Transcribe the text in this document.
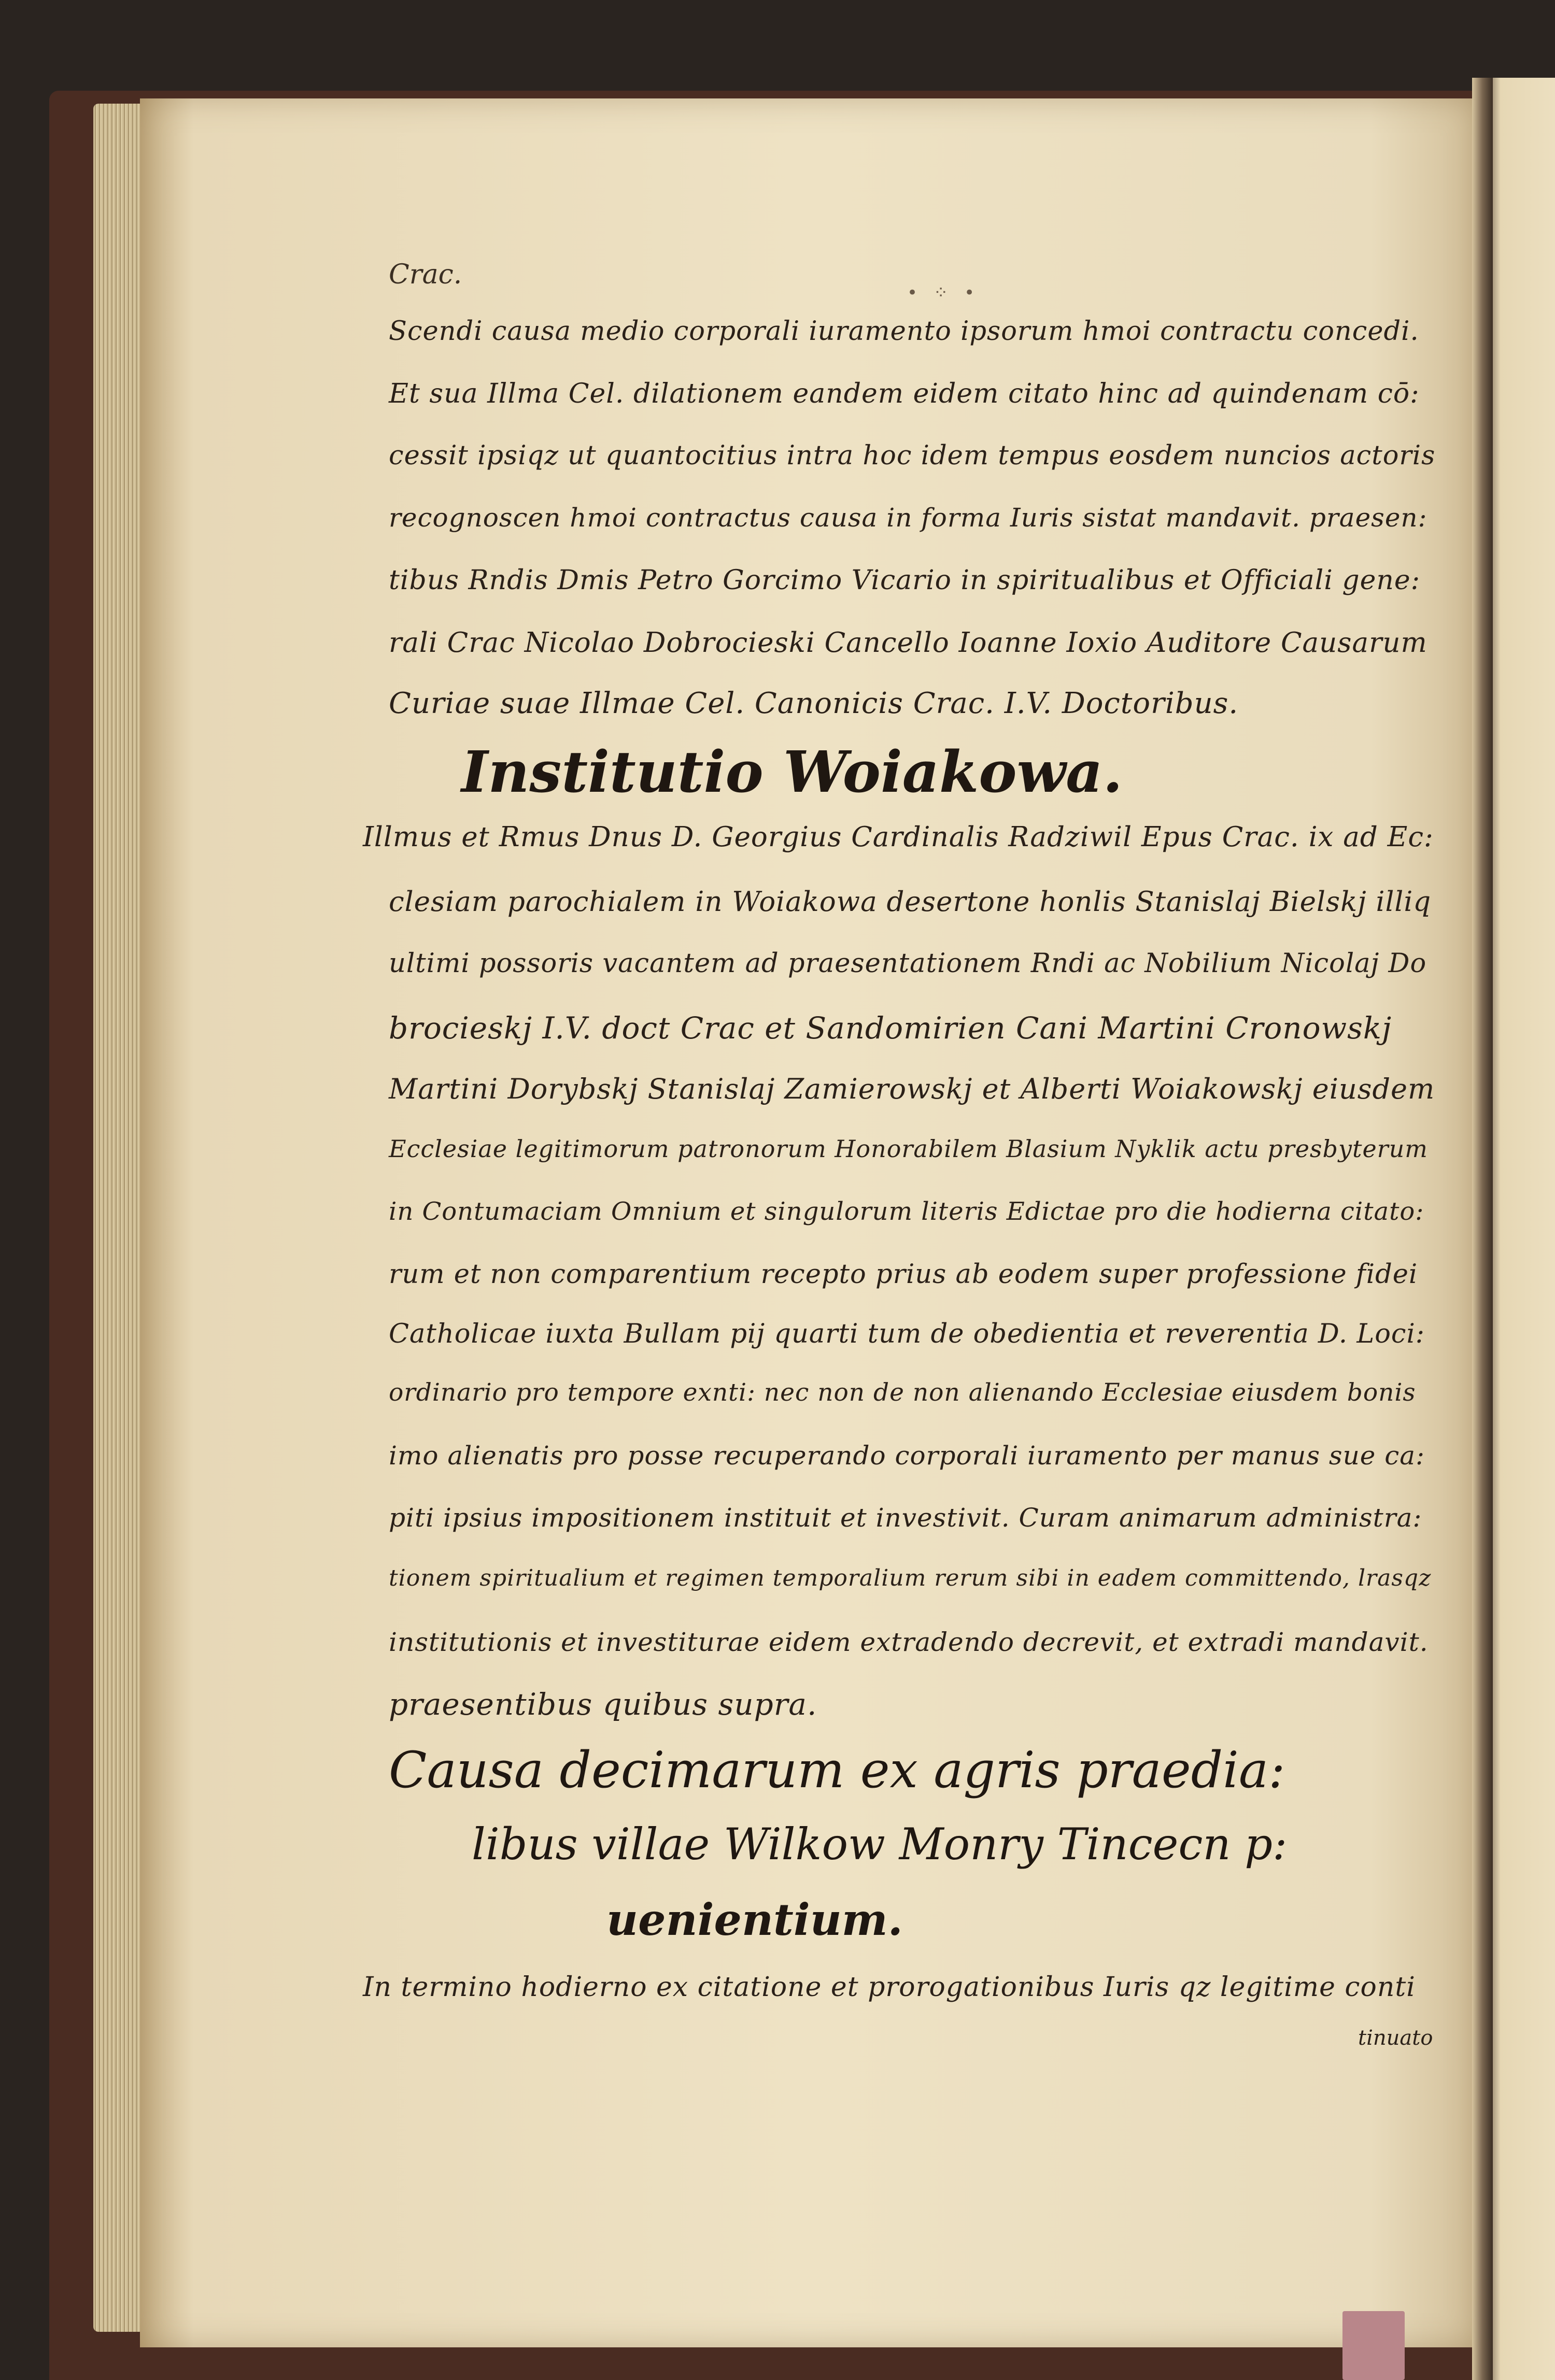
Crac.
• ⁘ •
Scendi causa medio corporali iuramento ipsorum hmoi contractu concedi.
Et sua Illma Cel. dilationem eandem eidem citato hinc ad quindenam cō:
cessit ipsiqz ut quantocitius intra hoc idem tempus eosdem nuncios actoris
recognoscen hmoi contractus causa in forma Iuris sistat mandavit. praesen:
tibus Rndis Dmis Petro Gorcimo Vicario in spiritualibus et Officiali gene:
rali Crac Nicolao Dobrocieski Cancello Ioanne Ioxio Auditore Causarum
Curiae suae Illmae Cel. Canonicis Crac. I.V. Doctoribus.
Institutio Woiakowa.
Illmus et Rmus Dnus D. Georgius Cardinalis Radziwil Epus Crac. ix ad Ec:
clesiam parochialem in Woiakowa desertone honlis Stanislaj Bielskj illiq
ultimi possoris vacantem ad praesentationem Rndi ac Nobilium Nicolaj Do
brocieskj I.V. doct Crac et Sandomirien Cani Martini Cronowskj
Martini Dorybskj Stanislaj Zamierowskj et Alberti Woiakowskj eiusdem
Ecclesiae legitimorum patronorum Honorabilem Blasium Nyklik actu presbyterum
in Contumaciam Omnium et singulorum literis Edictae pro die hodierna citato:
rum et non comparentium recepto prius ab eodem super professione fidei
Catholicae iuxta Bullam pij quarti tum de obedientia et reverentia D. Loci:
ordinario pro tempore exnti: nec non de non alienando Ecclesiae eiusdem bonis
imo alienatis pro posse recuperando corporali iuramento per manus sue ca:
piti ipsius impositionem instituit et investivit. Curam animarum administra:
tionem spiritualium et regimen temporalium rerum sibi in eadem committendo, lrasqz
institutionis et investiturae eidem extradendo decrevit, et extradi mandavit.
praesentibus quibus supra.
Causa decimarum ex agris praedia:
libus villae Wilkow Monry Tincecn p:
uenientium.
In termino hodierno ex citatione et prorogationibus Iuris qz legitime conti
tinuato
